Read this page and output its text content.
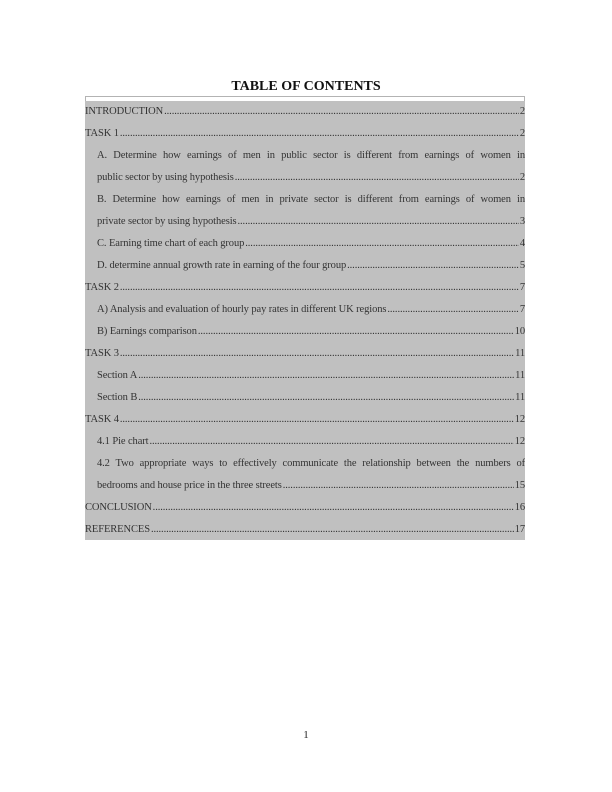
TABLE OF CONTENTS
INTRODUCTION .....	2
TASK 1 .....	2
A. Determine how earnings of men in public sector is different from earnings of women in
public sector by using hypothesis .....	2
B. Determine how earnings of men in private sector is different from earnings of women in
private sector by using hypothesis .....	3
C. Earning time chart of each group .....	4
D. determine annual growth rate in earning of the four group .....	5
TASK 2 .....	7
A) Analysis and evaluation of hourly pay rates in different UK regions .....	7
B) Earnings comparison .....	10
TASK 3 .....	11
Section A .....	11
Section B .....	11
TASK 4 .....	12
4.1 Pie chart .....	12
4.2 Two appropriate ways to effectively communicate the relationship between the numbers of
bedrooms and house price in the three streets .....	15
CONCLUSION .....	16
REFERENCES .....	17
1
